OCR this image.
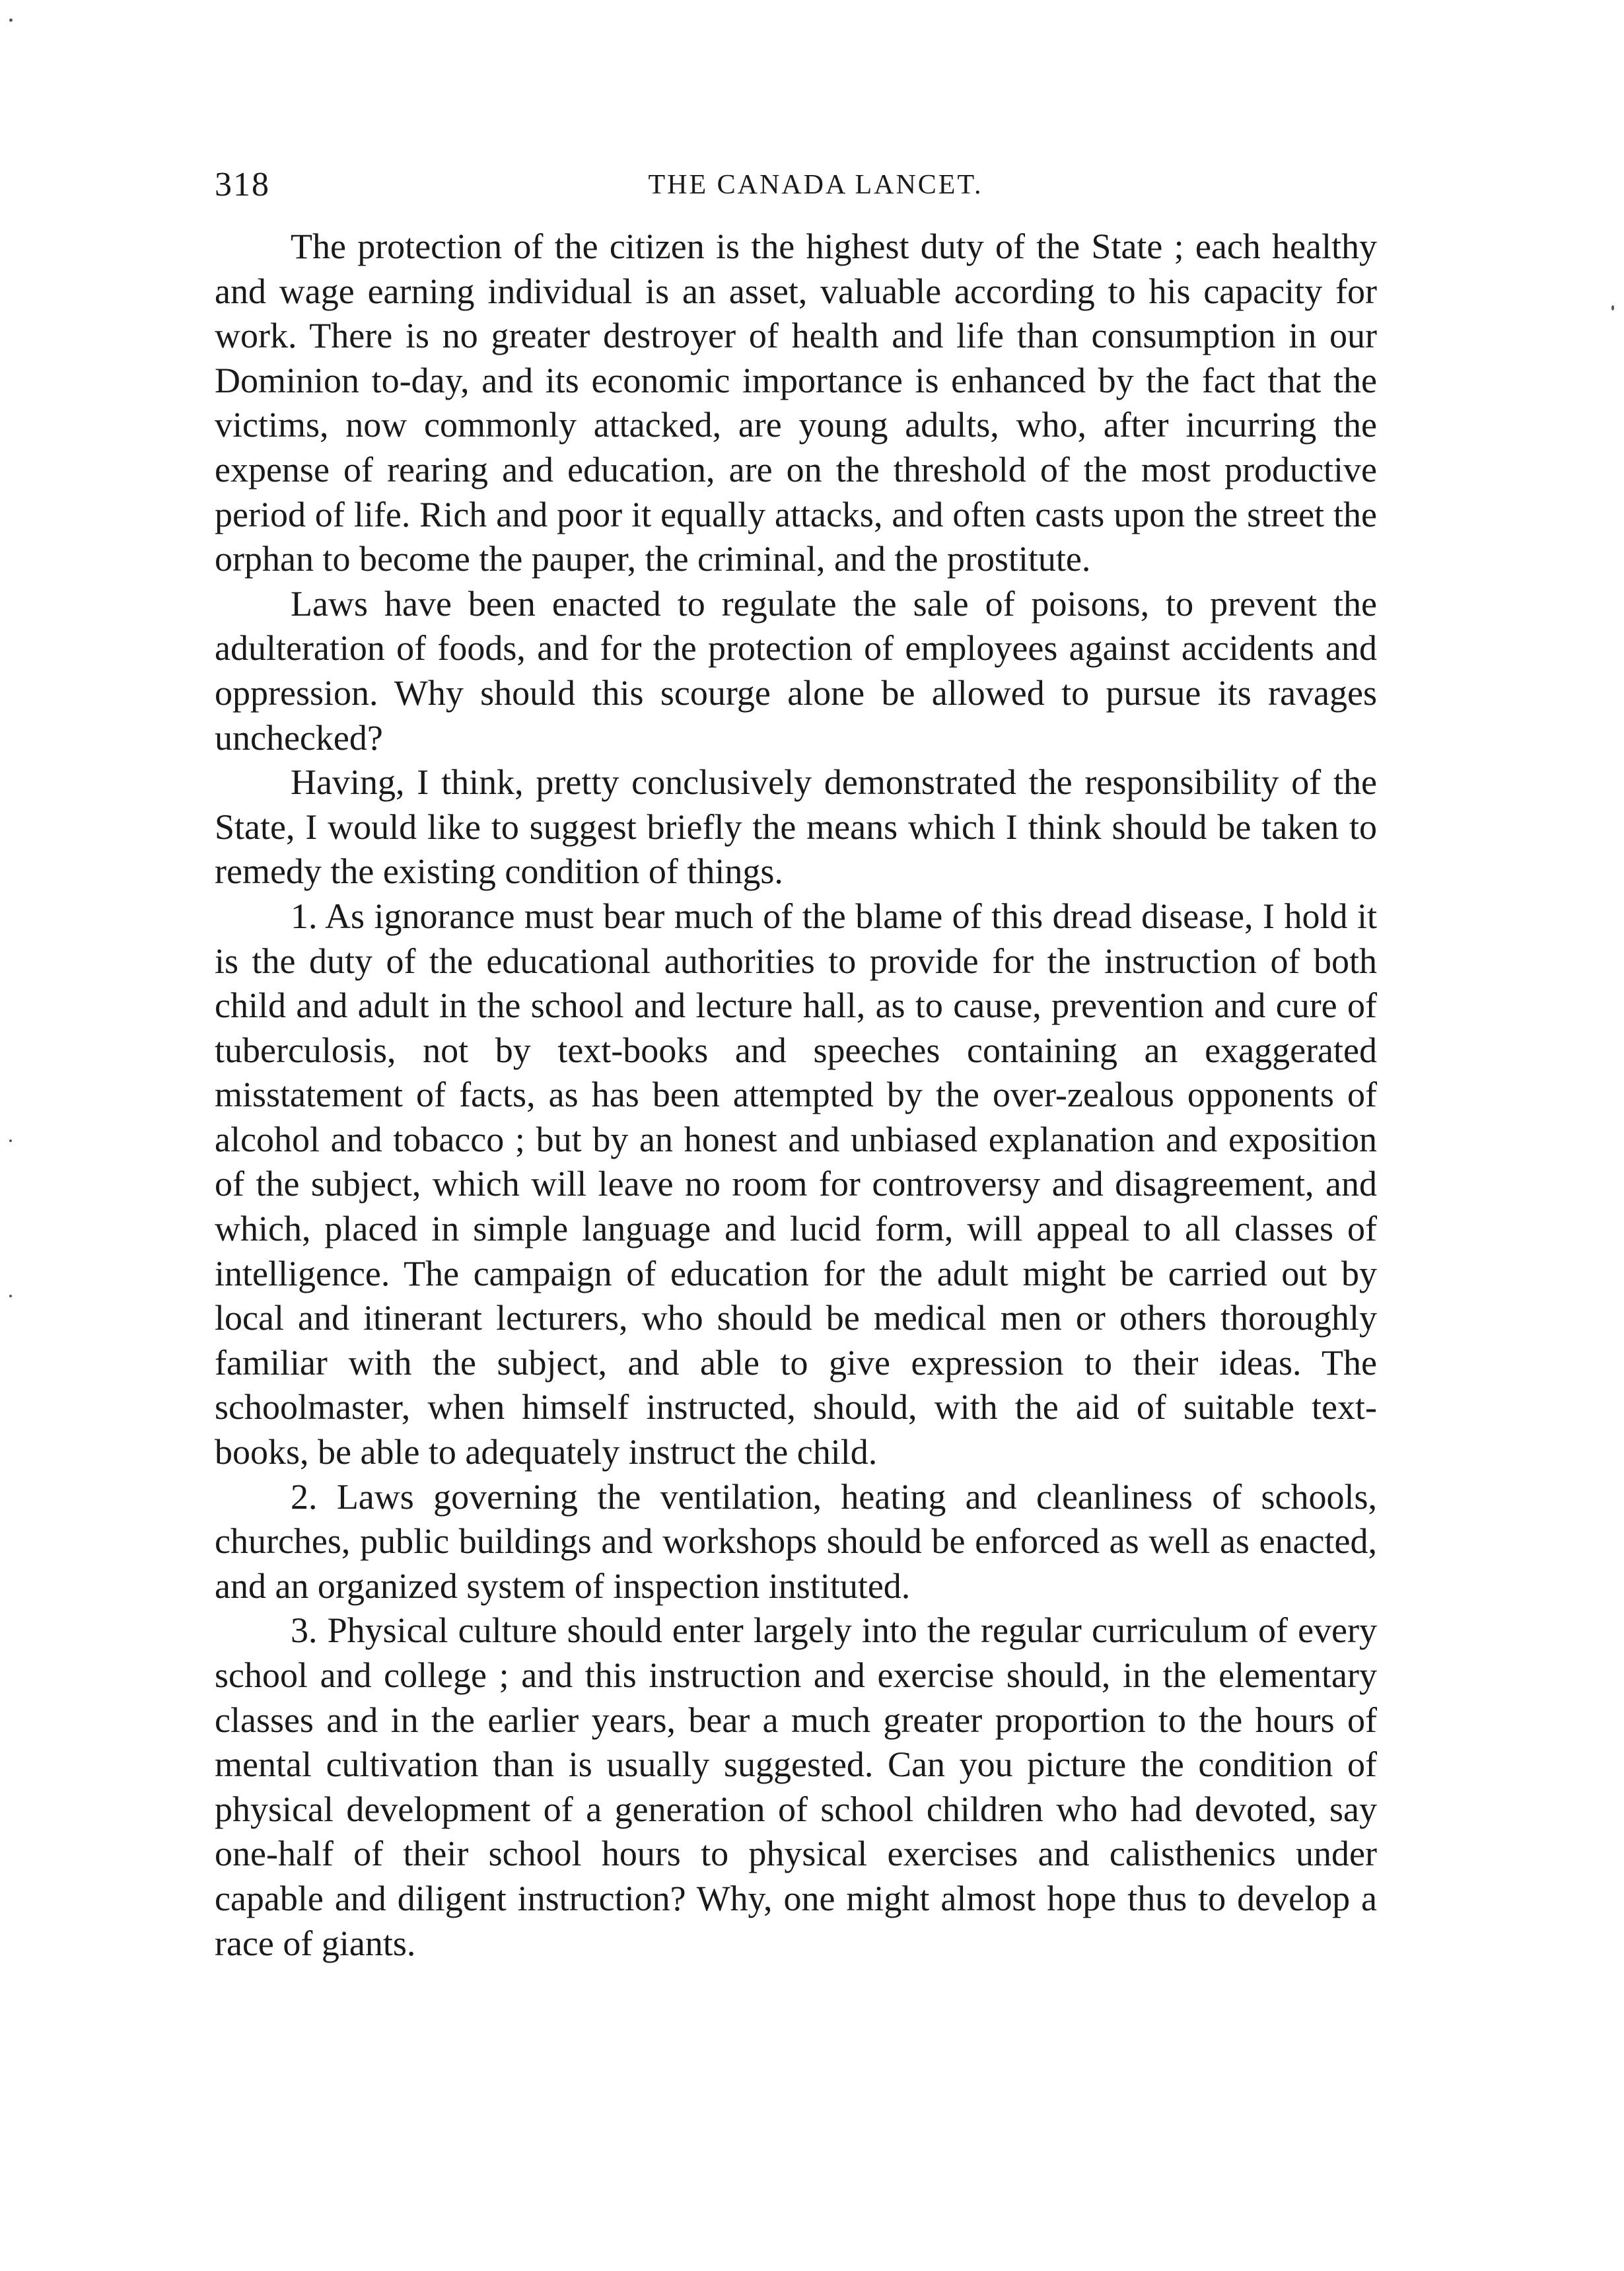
318	THE CANADA LANCET.

The protection of the citizen is the highest duty of the State ; each healthy and wage earning individual is an asset, valuable according to his capacity for work. There is no greater destroyer of health and life than consumption in our Dominion to-day, and its economic importance is enhanced by the fact that the victims, now commonly attacked, are young adults, who, after incurring the expense of rearing and education, are on the threshold of the most productive period of life. Rich and poor it equally attacks, and often casts upon the street the orphan to become the pauper, the criminal, and the prostitute.

Laws have been enacted to regulate the sale of poisons, to prevent the adulteration of foods, and for the protection of employees against accidents and oppression. Why should this scourge alone be allowed to pursue its ravages unchecked?

Having, I think, pretty conclusively demonstrated the responsibility of the State, I would like to suggest briefly the means which I think should be taken to remedy the existing condition of things.

1. As ignorance must bear much of the blame of this dread disease, I hold it is the duty of the educational authorities to provide for the instruction of both child and adult in the school and lecture hall, as to cause, prevention and cure of tuberculosis, not by text-books and speeches containing an exaggerated misstatement of facts, as has been attempted by the over-zealous opponents of alcohol and tobacco ; but by an honest and unbiased explanation and exposition of the subject, which will leave no room for controversy and disagreement, and which, placed in simple language and lucid form, will appeal to all classes of intelligence. The campaign of education for the adult might be carried out by local and itinerant lecturers, who should be medical men or others thoroughly familiar with the subject, and able to give expression to their ideas. The schoolmaster, when himself instructed, should, with the aid of suitable text-books, be able to adequately instruct the child.

2. Laws governing the ventilation, heating and cleanliness of schools, churches, public buildings and workshops should be enforced as well as enacted, and an organized system of inspection instituted.

3. Physical culture should enter largely into the regular curriculum of every school and college ; and this instruction and exercise should, in the elementary classes and in the earlier years, bear a much greater proportion to the hours of mental cultivation than is usually suggested. Can you picture the condition of physical development of a generation of school children who had devoted, say one-half of their school hours to physical exercises and calisthenics under capable and diligent instruction? Why, one might almost hope thus to develop a race of giants.
